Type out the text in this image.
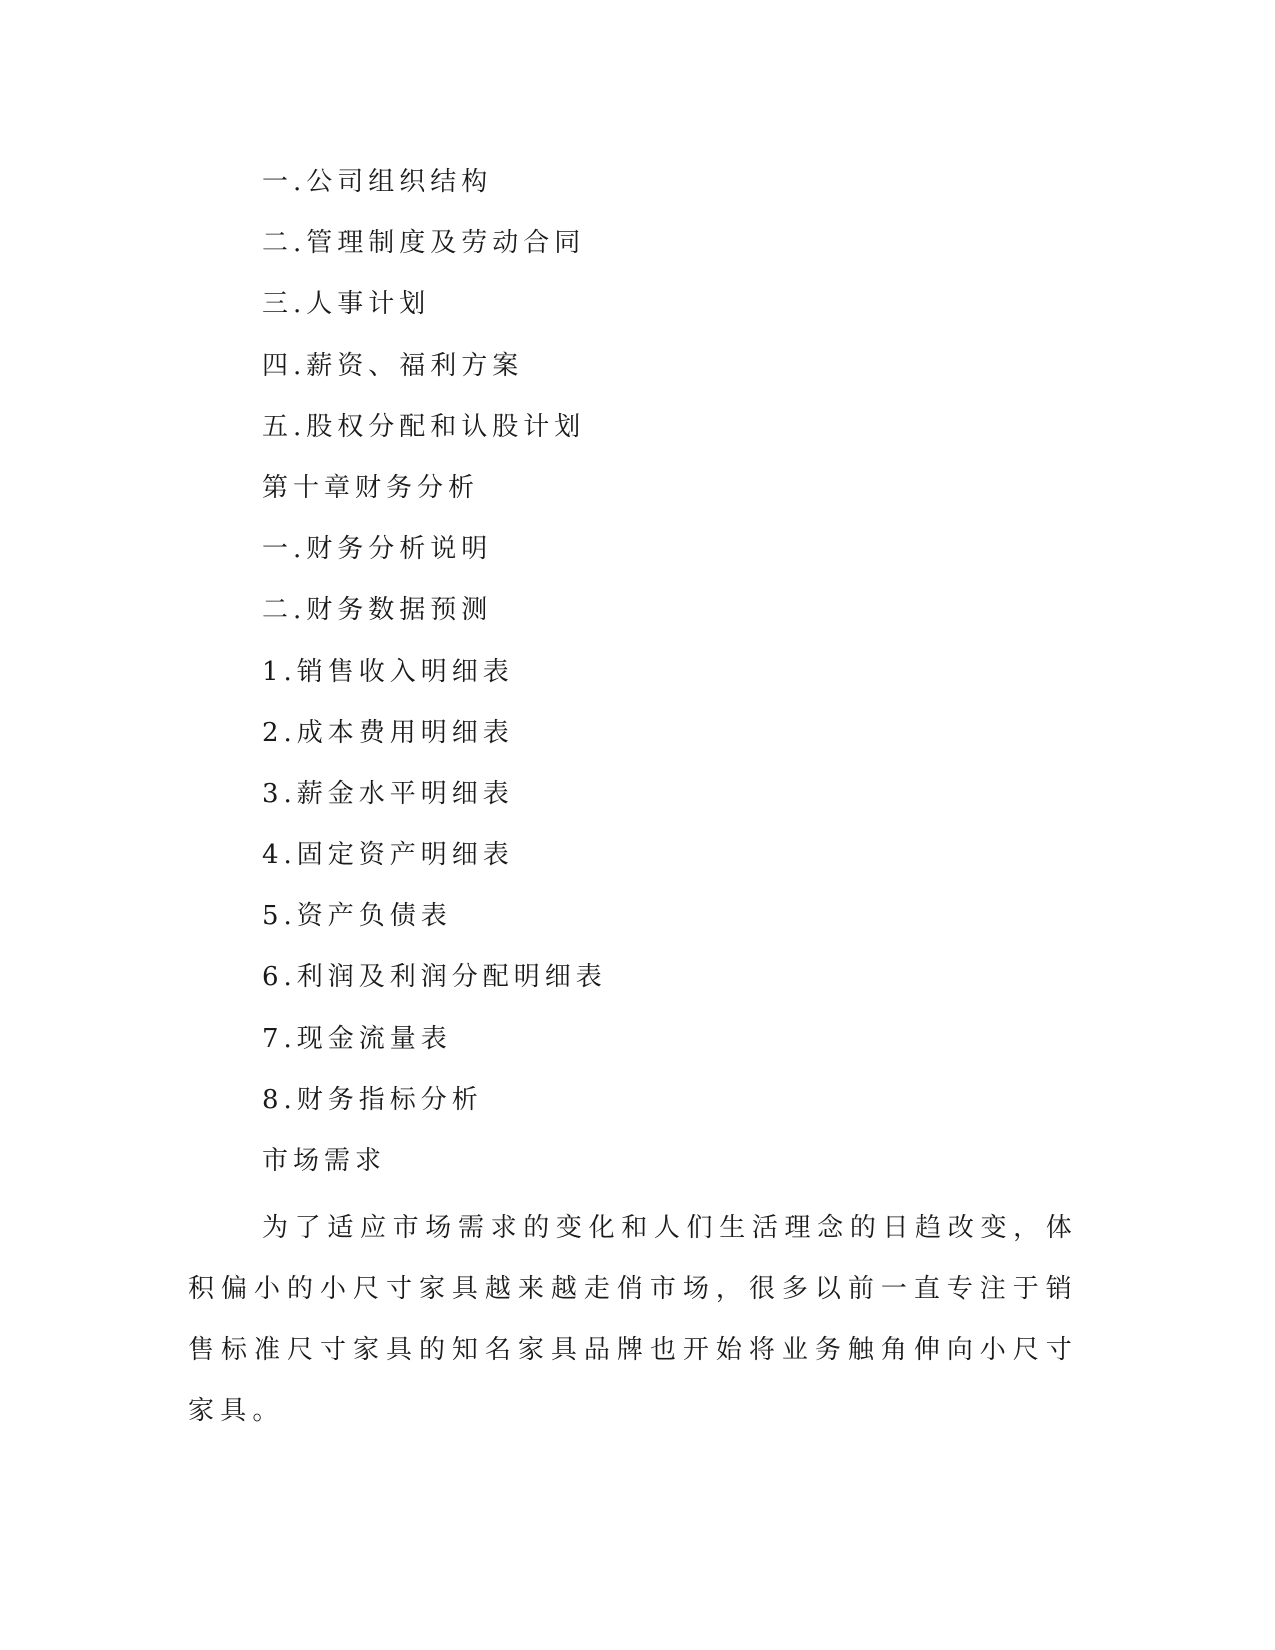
一.公司组织结构
二.管理制度及劳动合同
三.人事计划
四.薪资、福利方案
五.股权分配和认股计划
第十章财务分析
一.财务分析说明
二.财务数据预测
1.销售收入明细表
2.成本费用明细表
3.薪金水平明细表
4.固定资产明细表
5.资产负债表
6.利润及利润分配明细表
7.现金流量表
8.财务指标分析
市场需求

为了适应市场需求的变化和人们生活理念的日趋改变，体积偏小的小尺寸家具越来越走俏市场，很多以前一直专注于销售标准尺寸家具的知名家具品牌也开始将业务触角伸向小尺寸家具。
